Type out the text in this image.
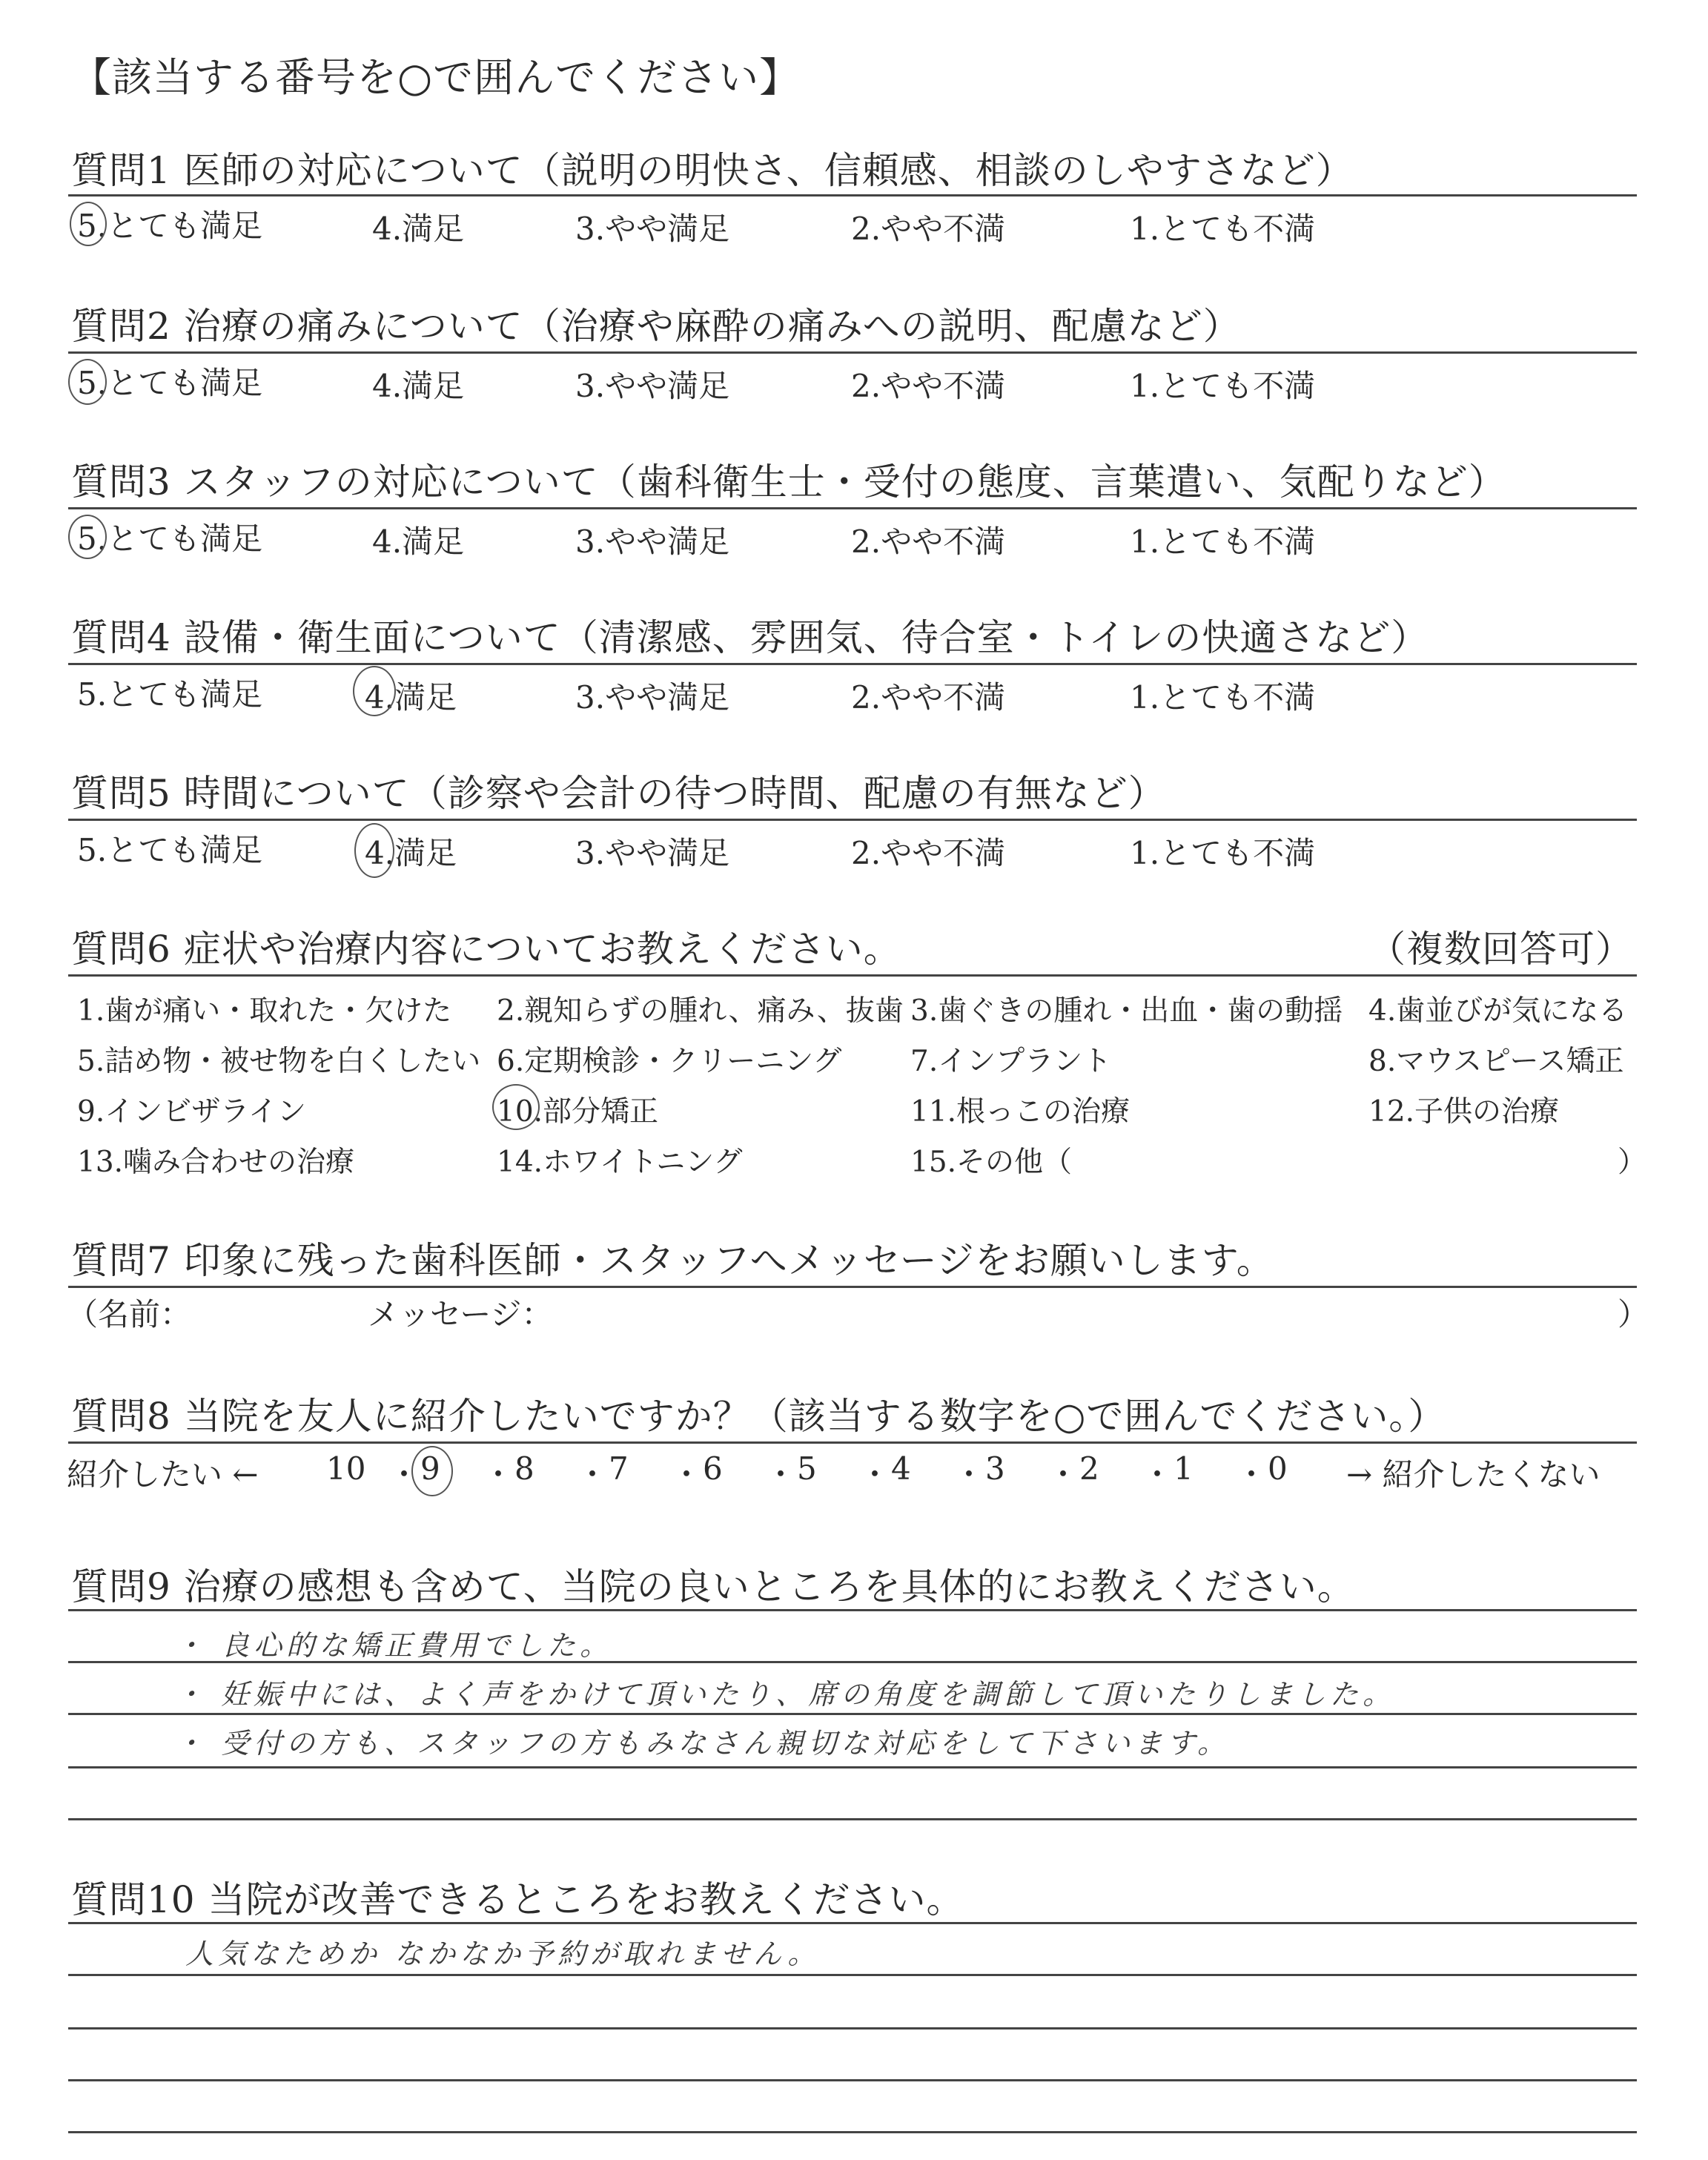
【該当する番号を○で囲んでください】
質問1 医師の対応について（説明の明快さ、信頼感、相談のしやすさなど）
5.とても満足	4.満足	3.やや満足	2.やや不満	1.とても不満
質問2 治療の痛みについて（治療や麻酔の痛みへの説明、配慮など）
5.とても満足	4.満足	3.やや満足	2.やや不満	1.とても不満
質問3 スタッフの対応について（歯科衛生士・受付の態度、言葉遣い、気配りなど）
5.とても満足	4.満足	3.やや満足	2.やや不満	1.とても不満
質問4 設備・衛生面について（清潔感、雰囲気、待合室・トイレの快適さなど）
5.とても満足	4.満足	3.やや満足	2.やや不満	1.とても不満
質問5 時間について（診察や会計の待つ時間、配慮の有無など）
5.とても満足	4.満足	3.やや満足	2.やや不満	1.とても不満
質問6 症状や治療内容についてお教えください。	（複数回答可）
1.歯が痛い・取れた・欠けた 2.親知らずの腫れ、痛み、抜歯 3.歯ぐきの腫れ・出血・歯の動揺 4.歯並びが気になる
5.詰め物・被せ物を白くしたい 6.定期検診・クリーニング 7.インプラント	8.マウスピース矯正
9.インビザライン	10.部分矯正	11.根っこの治療	12.子供の治療
13.噛み合わせの治療	14.ホワイトニング	15.その他（	）
質問7 印象に残った歯科医師・スタッフへメッセージをお願いします。
（名前：	メッセージ：	）
質問8 当院を友人に紹介したいですか？（該当する数字を○で囲んでください。）
紹介したい ←	→ 紹介したくない
10 ・ 9 ・ 8 ・ 7 ・ 6 ・ 5 ・ 4 ・ 3 ・ 2 ・ 1 ・ 0
質問9 治療の感想も含めて、当院の良いところを具体的にお教えください。
・ 良心的な矯正費用でした。
・ 妊娠中には、よく声をかけて頂いたり、席の角度を調節して頂いたりしました。
・ 受付の方も、スタッフの方もみなさん親切な対応をして下さいます。
質問10 当院が改善できるところをお教えください。
人気なためか なかなか予約が取れません。
